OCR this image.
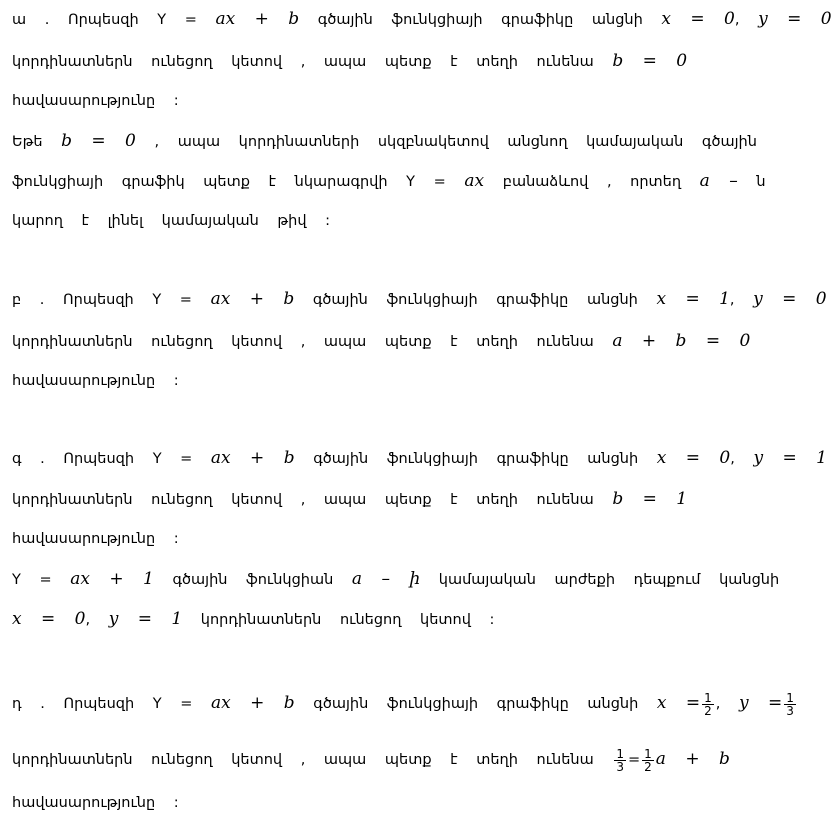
ա . Որպեսզի Y = ax + b գծային ֆունկցիայի գրաֆիկը անցնի x = 0, y = 0
կորդինատներն ունեցող կետով , ապա պետք է տեղի ունենա b = 0
հավասարությունը :
Եթե b = 0 , ապա կորդինատների սկզբնակետով անցնող կամայական գծային
ֆունկցիայի գրաֆիկ պետք է նկարագրվի Y = ax բանաձևով , որտեղ a – ն
կարող է լինել կամայական թիվ :
բ . Որպեսզի Y = ax + b գծային ֆունկցիայի գրաֆիկը անցնի x = 1, y = 0
կորդինատներն ունեցող կետով , ապա պետք է տեղի ունենա a + b = 0
հավասարությունը :
գ . Որպեսզի Y = ax + b գծային ֆունկցիայի գրաֆիկը անցնի x = 0, y = 1
կորդինատներն ունեցող կետով , ապա պետք է տեղի ունենա b = 1
հավասարությունը :
Y = ax + 1 գծային ֆունկցիան a – ի կամայական արժեքի դեպքում կանցնի
x = 0, y = 1 կորդինատներն ունեցող կետով :
դ . Որպեսզի Y = ax + b գծային ֆունկցիայի գրաֆիկը անցնի $x = \frac{1}{2}$ , $y = \frac{1}{3}$
կորդինատներն ունեցող կետով , ապա պետք է տեղի ունենա $\frac{1}{3} = \frac{1}{2}$ a + b
հավասարությունը :
